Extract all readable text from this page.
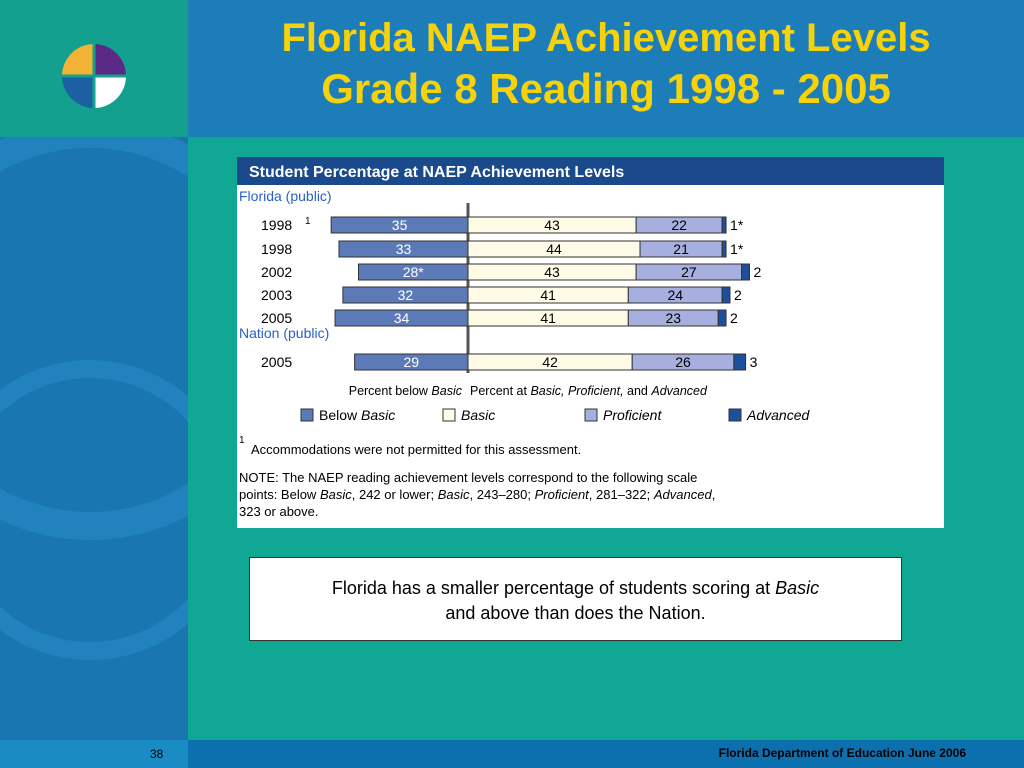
Florida NAEP Achievement Levels
Grade 8 Reading 1998 - 2005
Student Percentage at NAEP Achievement Levels
Florida (public)
1998 1	35	43	22	1*
1998	33	44	21	1*
2002	28*	43	27	2
2003	32	41	24	2
2005	34	41	23	2
Nation (public)
2005	29	42	26	3
Percent below Basic Percent at Basic, Proficient, and Advanced
Below Basic	Basic	Proficient	Advanced
1
Accommodations were not permitted for this assessment.
NOTE: The NAEP reading achievement levels correspond to the following scale
points: Below Basic, 242 or lower; Basic, 243–280; Proficient, 281–322; Advanced,
323 or above.
Florida has a smaller percentage of students scoring at Basic
and above than does the Nation.
38	Florida Department of Education June 2006
